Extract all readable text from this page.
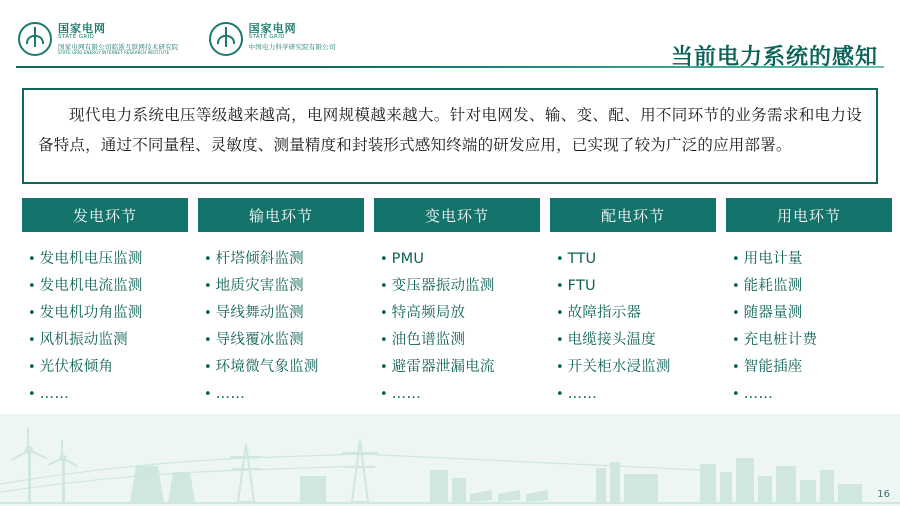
国家电网
STATE GRID
国家电网有限公司临浙互联网技术研究院
STATE GRID ENERGY INTERNET RESEARCH INSTITUTE
国家电网
STATE GRID
中国电力科学研究院有限公司	当前电力系统的感知
现代电力系统电压等级越来越高，电网规模越来越大。针对电网发、输、变、配、用不同环节的业务需求和电力设备特点，通过不同量程、灵敏度、测量精度和封装形式感知终端的研发应用，已实现了较为广泛的应用部署。
发电环节
• 发电机电压监测
• 发电机电流监测
• 发电机功角监测
• 风机振动监测
• 光伏板倾角
• ……
输电环节
• 杆塔倾斜监测
• 地质灾害监测
• 导线舞动监测
• 导线覆冰监测
• 环境微气象监测
• ……
变电环节
• PMU
• 变压器振动监测
• 特高频局放
• 油色谱监测
• 避雷器泄漏电流
• ……
配电环节
• TTU
• FTU
• 故障指示器
• 电缆接头温度
• 开关柜水浸监测
• ……
用电环节
• 用电计量
• 能耗监测
• 随器量测
• 充电桩计费
• 智能插座
• ……
16
